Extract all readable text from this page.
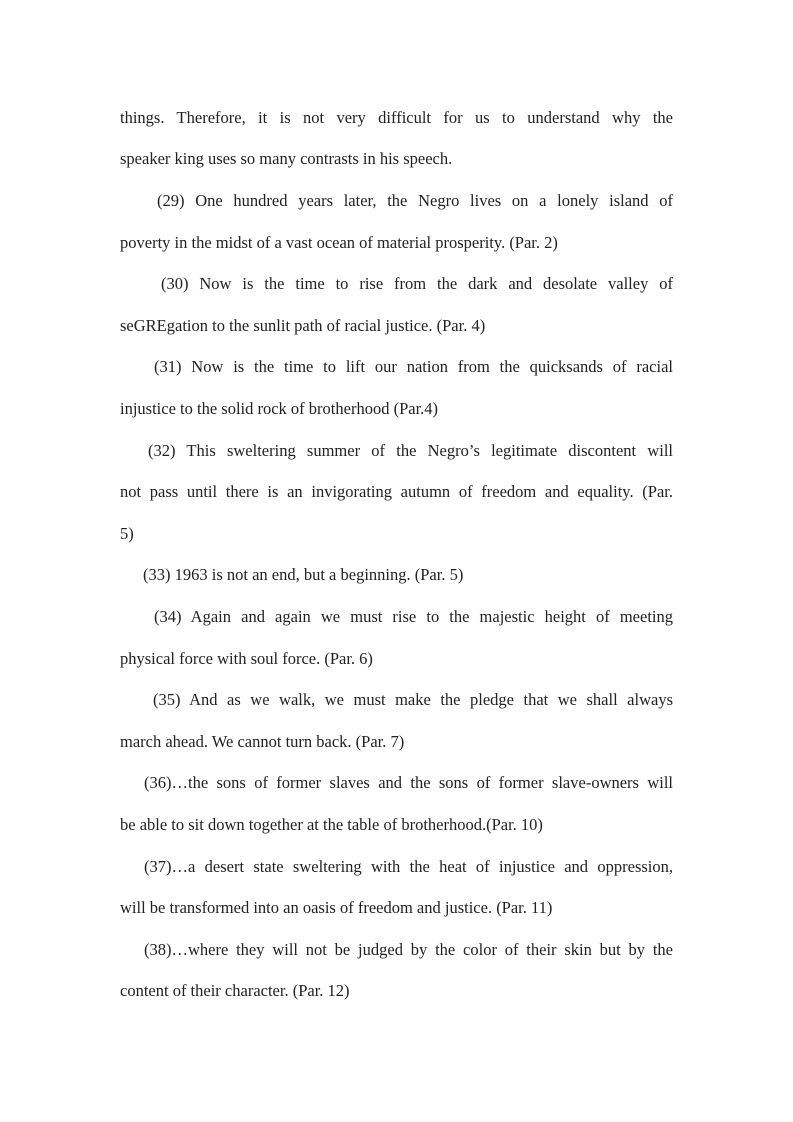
things. Therefore, it is not very difficult for us to understand why the
speaker king uses so many contrasts in his speech.
(29) One hundred years later, the Negro lives on a lonely island of
poverty in the midst of a vast ocean of material prosperity. (Par. 2)
(30) Now is the time to rise from the dark and desolate valley of
seGREgation to the sunlit path of racial justice. (Par. 4)
(31) Now is the time to lift our nation from the quicksands of racial
injustice to the solid rock of brotherhood (Par.4)
(32) This sweltering summer of the Negro’s legitimate discontent will
not pass until there is an invigorating autumn of freedom and equality. (Par.
5)
(33) 1963 is not an end, but a beginning. (Par. 5)
(34) Again and again we must rise to the majestic height of meeting
physical force with soul force. (Par. 6)
(35) And as we walk, we must make the pledge that we shall always
march ahead. We cannot turn back. (Par. 7)
(36)…the sons of former slaves and the sons of former slave-owners will
be able to sit down together at the table of brotherhood.(Par. 10)
(37)…a desert state sweltering with the heat of injustice and oppression,
will be transformed into an oasis of freedom and justice. (Par. 11)
(38)…where they will not be judged by the color of their skin but by the
content of their character. (Par. 12)
